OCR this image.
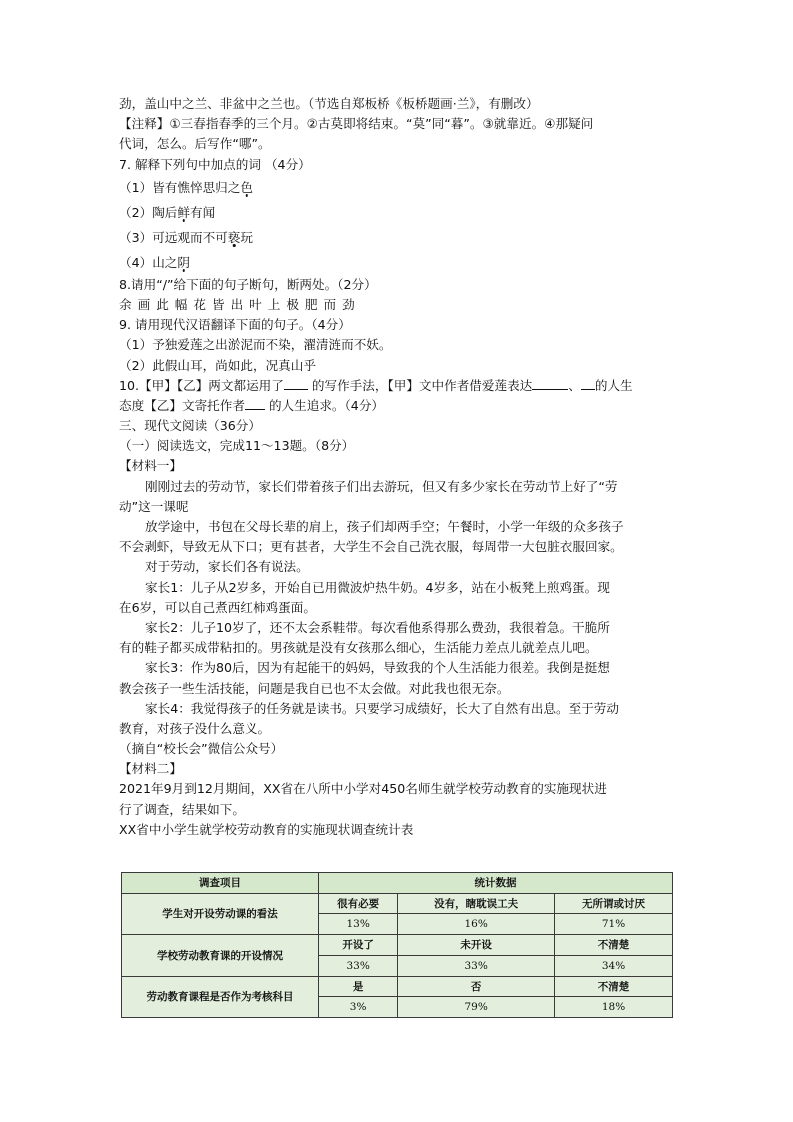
劲，盖山中之兰、非盆中之兰也。（节选自郑板桥《板桥题画·兰》，有删改）
【注释】①三春指春季的三个月。②古莫即将结束。“莫”同“暮”。③就靠近。④那疑问
代词，怎么。后写作“哪”。
7. 解释下列句中加点的词 （4分）
（1）皆有憔悴思归之色
（2）陶后鲜有闻
（3）可远观而不可亵玩
（4）山之阴
8.请用“/”给下面的句子断句，断两处。（2分）
余画此幅花皆出叶上极肥而劲
9. 请用现代汉语翻译下面的句子。（4分）
（1）予独爱莲之出淤泥而不染，濯清涟而不妖。
（2）此假山耳，尚如此，况真山乎
10.【甲】【乙】两文都运用了 的写作手法，【甲】文中作者借爱莲表达	、 的人生
态度【乙】文寄托作者 的人生追求。（4分）
三、现代文阅读（36分）
（一）阅读选文，完成11～13题。（8分）
【材料一】
刚刚过去的劳动节，家长们带着孩子们出去游玩，但又有多少家长在劳动节上好了“劳
动”这一课呢
放学途中，书包在父母长辈的肩上，孩子们却两手空；午餐时，小学一年级的众多孩子
不会剥虾，导致无从下口；更有甚者，大学生不会自己洗衣服，每周带一大包脏衣服回家。
对于劳动，家长们各有说法。
家长1：儿子从2岁多，开始自已用微波炉热牛奶。4岁多，站在小板凳上煎鸡蛋。现
在6岁，可以自己煮西红柿鸡蛋面。
家长2：儿子10岁了，还不太会系鞋带。每次看他系得那么费劲，我很着急。干脆所
有的鞋子都买成带粘扣的。男孩就是没有女孩那么细心，生活能力差点儿就差点儿吧。
家长3：作为80后，因为有起能干的妈妈，导致我的个人生活能力很差。我倒是挺想
教会孩子一些生活技能，问题是我自已也不太会做。对此我也很无奈。
家长4：我觉得孩子的任务就是读书。只要学习成绩好，长大了自然有出息。至于劳动
教育，对孩子没什么意义。
（摘自“校长会”微信公众号）
【材料二】
2021年9月到12月期间，XX省在八所中小学对450名师生就学校劳动教育的实施现状进
行了调查，结果如下。
XX省中小学生就学校劳动教育的实施现状调查统计表
调查项目	统计数据		
学生对开设劳动课的看法	很有必要	没有，瞎耽误工夫	无所谓或讨厌
	13%	16%	71%
学校劳动教育课的开设情况	开设了	未开设	不清楚
	33%	33%	34%
劳动教育课程是否作为考核科目	是	否	不清楚
	3%	79%	18%
